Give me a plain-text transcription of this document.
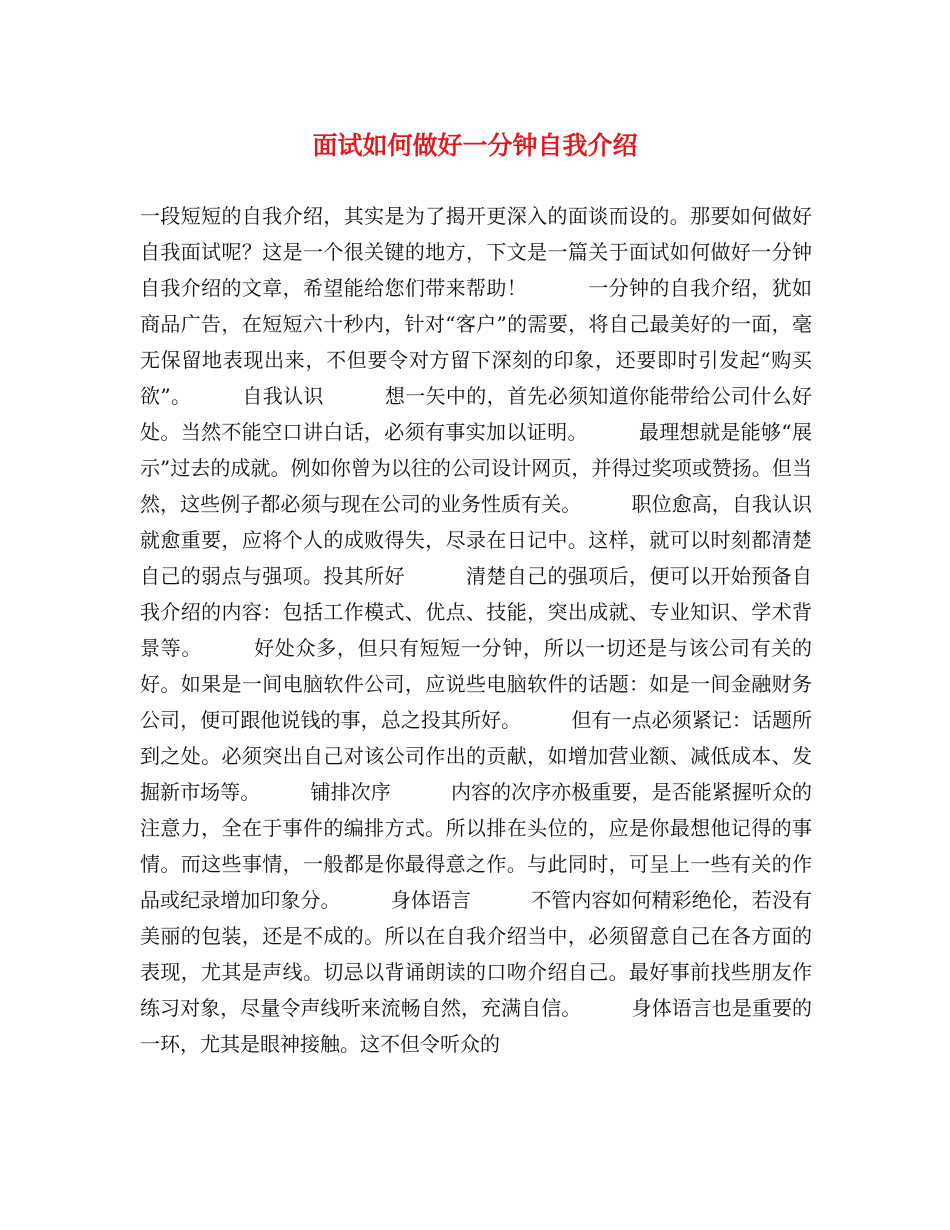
面试如何做好一分钟自我介绍

一段短短的自我介绍，其实是为了揭开更深入的面谈而设的。那要如何做好自我面试呢？这是一个很关键的地方，下文是一篇关于面试如何做好一分钟自我介绍的文章，希望能给您们带来帮助！　　　一分钟的自我介绍，犹如商品广告，在短短六十秒内，针对“客户”的需要，将自己最美好的一面，毫无保留地表现出来，不但要令对方留下深刻的印象，还要即时引发起“购买欲”。　　　自我认识　　　想一矢中的，首先必须知道你能带给公司什么好处。当然不能空口讲白话，必须有事实加以证明。　　　最理想就是能够“展示”过去的成就。例如你曾为以往的公司设计网页，并得过奖项或赞扬。但当然，这些例子都必须与现在公司的业务性质有关。　　　职位愈高，自我认识就愈重要，应将个人的成败得失，尽录在日记中。这样，就可以时刻都清楚自己的弱点与强项。投其所好　　　清楚自己的强项后，便可以开始预备自我介绍的内容：包括工作模式、优点、技能，突出成就、专业知识、学术背景等。　　　好处众多，但只有短短一分钟，所以一切还是与该公司有关的好。如果是一间电脑软件公司，应说些电脑软件的话题：如是一间金融财务公司，便可跟他说钱的事，总之投其所好。　　　但有一点必须紧记：话题所到之处。必须突出自己对该公司作出的贡献，如增加营业额、减低成本、发掘新市场等。　　　铺排次序　　　内容的次序亦极重要，是否能紧握听众的注意力，全在于事件的编排方式。所以排在头位的，应是你最想他记得的事情。而这些事情，一般都是你最得意之作。与此同时，可呈上一些有关的作品或纪录增加印象分。　　　身体语言　　　不管内容如何精彩绝伦，若没有美丽的包装，还是不成的。所以在自我介绍当中，必须留意自己在各方面的表现，尤其是声线。切忌以背诵朗读的口吻介绍自己。最好事前找些朋友作练习对象，尽量令声线听来流畅自然，充满自信。　　　身体语言也是重要的一环，尤其是眼神接触。这不但令听众的
